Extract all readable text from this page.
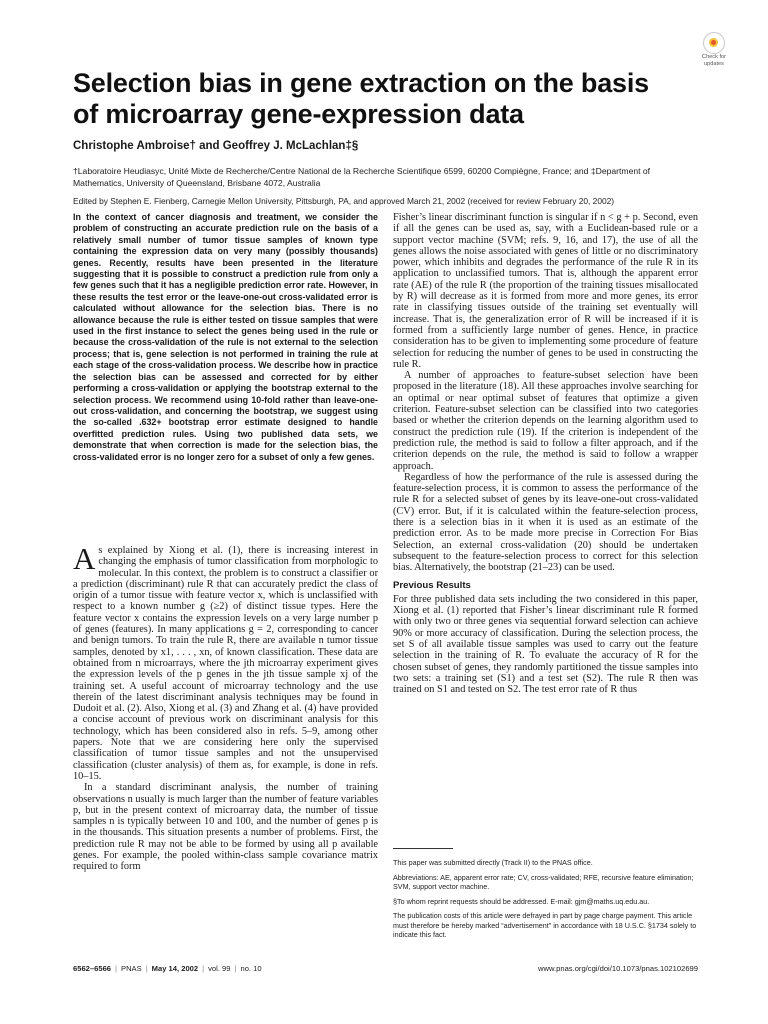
Selection bias in gene extraction on the basis of microarray gene-expression data
Check for
updates
Christophe Ambroise† and Geoffrey J. McLachlan‡§
†Laboratoire Heudiasyc, Unité Mixte de Recherche/Centre National de la Recherche Scientifique 6599, 60200 Compiègne, France; and ‡Department of Mathematics, University of Queensland, Brisbane 4072, Australia
Edited by Stephen E. Fienberg, Carnegie Mellon University, Pittsburgh, PA, and approved March 21, 2002 (received for review February 20, 2002)

In the context of cancer diagnosis and treatment, we consider the problem of constructing an accurate prediction rule on the basis of a relatively small number of tumor tissue samples of known type containing the expression data on very many (possibly thousands) genes. Recently, results have been presented in the literature suggesting that it is possible to construct a prediction rule from only a few genes such that it has a negligible prediction error rate. However, in these results the test error or the leave-one-out cross-validated error is calculated without allowance for the selection bias. There is no allowance because the rule is either tested on tissue samples that were used in the first instance to select the genes being used in the rule or because the cross-validation of the rule is not external to the selection process; that is, gene selection is not performed in training the rule at each stage of the cross-validation process. We describe how in practice the selection bias can be assessed and corrected for by either performing a cross-validation or applying the bootstrap external to the selection process. We recommend using 10-fold rather than leave-one-out cross-validation, and concerning the bootstrap, we suggest using the so-called .632+ bootstrap error estimate designed to handle overfitted prediction rules. Using two published data sets, we demonstrate that when correction is made for the selection bias, the cross-validated error is no longer zero for a subset of only a few genes.

As explained by Xiong et al. (1), there is increasing interest in changing the emphasis of tumor classification from morphologic to molecular. In this context, the problem is to construct a classifier or a prediction (discriminant) rule R that can accurately predict the class of origin of a tumor tissue with feature vector x, which is unclassified with respect to a known number g (≥2) of distinct tissue types. Here the feature vector x contains the expression levels on a very large number p of genes (features). In many applications g = 2, corresponding to cancer and benign tumors. To train the rule R, there are available n tumor tissue samples, denoted by x1, . . . , xn, of known classification. These data are obtained from n microarrays, where the jth microarray experiment gives the expression levels of the p genes in the jth tissue sample xj of the training set. A useful account of microarray technology and the use therein of the latest discriminant analysis techniques may be found in Dudoit et al. (2). Also, Xiong et al. (3) and Zhang et al. (4) have provided a concise account of previous work on discriminant analysis for this technology, which has been considered also in refs. 5–9, among other papers. Note that we are considering here only the supervised classification of tumor tissue samples and not the unsupervised classification (cluster analysis) of them as, for example, is done in refs. 10–15.

In a standard discriminant analysis, the number of training observations n usually is much larger than the number of feature variables p, but in the present context of microarray data, the number of tissue samples n is typically between 10 and 100, and the number of genes p is in the thousands. This situation presents a number of problems. First, the prediction rule R may not be able to be formed by using all p available genes. For example, the pooled within-class sample covariance matrix required to form

Fisher’s linear discriminant function is singular if n < g + p. Second, even if all the genes can be used as, say, with a Euclidean-based rule or a support vector machine (SVM; refs. 9, 16, and 17), the use of all the genes allows the noise associated with genes of little or no discriminatory power, which inhibits and degrades the performance of the rule R in its application to unclassified tumors. That is, although the apparent error rate (AE) of the rule R (the proportion of the training tissues misallocated by R) will decrease as it is formed from more and more genes, its error rate in classifying tissues outside of the training set eventually will increase. That is, the generalization error of R will be increased if it is formed from a sufficiently large number of genes. Hence, in practice consideration has to be given to implementing some procedure of feature selection for reducing the number of genes to be used in constructing the rule R.

A number of approaches to feature-subset selection have been proposed in the literature (18). All these approaches involve searching for an optimal or near optimal subset of features that optimize a given criterion. Feature-subset selection can be classified into two categories based or whether the criterion depends on the learning algorithm used to construct the prediction rule (19). If the criterion is independent of the prediction rule, the method is said to follow a filter approach, and if the criterion depends on the rule, the method is said to follow a wrapper approach.

Regardless of how the performance of the rule is assessed during the feature-selection process, it is common to assess the performance of the rule R for a selected subset of genes by its leave-one-out cross-validated (CV) error. But, if it is calculated within the feature-selection process, there is a selection bias in it when it is used as an estimate of the prediction error. As to be made more precise in Correction For Bias Selection, an external cross-validation (20) should be undertaken subsequent to the feature-selection process to correct for this selection bias. Alternatively, the bootstrap (21–23) can be used.

Previous Results

For three published data sets including the two considered in this paper, Xiong et al. (1) reported that Fisher’s linear discriminant rule R formed with only two or three genes via sequential forward selection can achieve 90% or more accuracy of classification. During the selection process, the set S of all available tissue samples was used to carry out the feature selection in the training of R. To evaluate the accuracy of R for the chosen subset of genes, they randomly partitioned the tissue samples into two sets: a training set (S1) and a test set (S2). The rule R then was trained on S1 and tested on S2. The test error rate of R thus

This paper was submitted directly (Track II) to the PNAS office.

Abbreviations: AE, apparent error rate; CV, cross-validated; RFE, recursive feature elimination; SVM, support vector machine.

§To whom reprint requests should be addressed. E-mail: gjm@maths.uq.edu.au.

The publication costs of this article were defrayed in part by page charge payment. This article must therefore be hereby marked “advertisement” in accordance with 18 U.S.C. §1734 solely to indicate this fact.

6562–6566 | PNAS | May 14, 2002 | vol. 99 | no. 10	www.pnas.org/cgi/doi/10.1073/pnas.102102699
